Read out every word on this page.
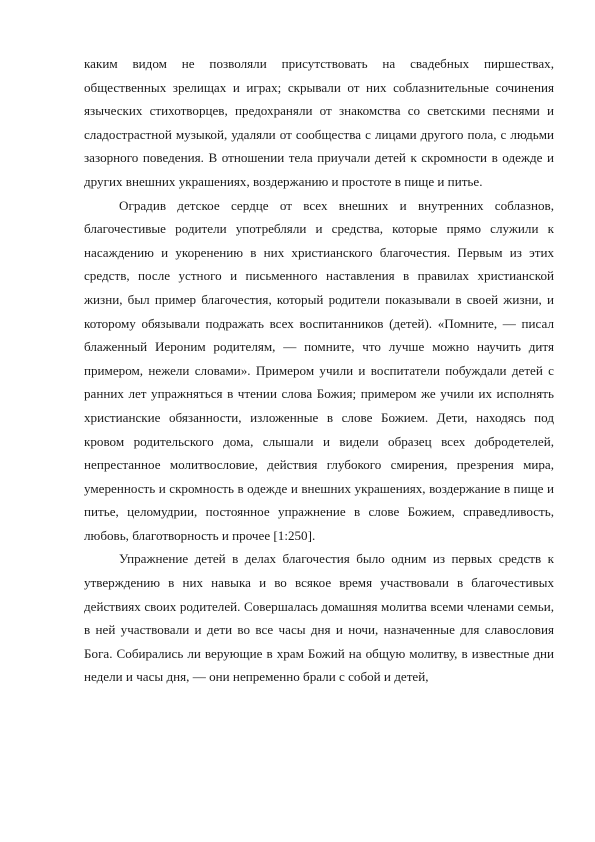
каким видом не позволяли присутствовать на свадебных пиршествах, общественных зрелищах и играх; скрывали от них соблазнительные сочинения языческих стихотворцев, предохраняли от знакомства со светскими песнями и сладострастной музыкой, удаляли от сообщества с лицами другого пола, с людьми зазорного поведения. В отношении тела приучали детей к скромности в одежде и других внешних украшениях, воздержанию и простоте в пище и питье.

Оградив детское сердце от всех внешних и внутренних соблазнов, благочестивые родители употребляли и средства, которые прямо служили к насаждению и укоренению в них христианского благочестия. Первым из этих средств, после устного и письменного наставления в правилах христианской жизни, был пример благочестия, который родители показывали в своей жизни, и которому обязывали подражать всех воспитанников (детей). «Помните, — писал блаженный Иероним родителям, — помните, что лучше можно научить дитя примером, нежели словами». Примером учили и воспитатели побуждали детей с ранних лет упражняться в чтении слова Божия; примером же учили их исполнять христианские обязанности, изложенные в слове Божием. Дети, находясь под кровом родительского дома, слышали и видели образец всех добродетелей, непрестанное молитвословие, действия глубокого смирения, презрения мира, умеренность и скромность в одежде и внешних украшениях, воздержание в пище и питье, целомудрии, постоянное упражнение в слове Божием, справедливость, любовь, благотворность и прочее [1:250].

Упражнение детей в делах благочестия было одним из первых средств к утверждению в них навыка и во всякое время участвовали в благочестивых действиях своих родителей. Совершалась домашняя молитва всеми членами семьи, в ней участвовали и дети во все часы дня и ночи, назначенные для славословия Бога. Собирались ли верующие в храм Божий на общую молитву, в известные дни недели и часы дня, — они непременно брали с собой и детей,
